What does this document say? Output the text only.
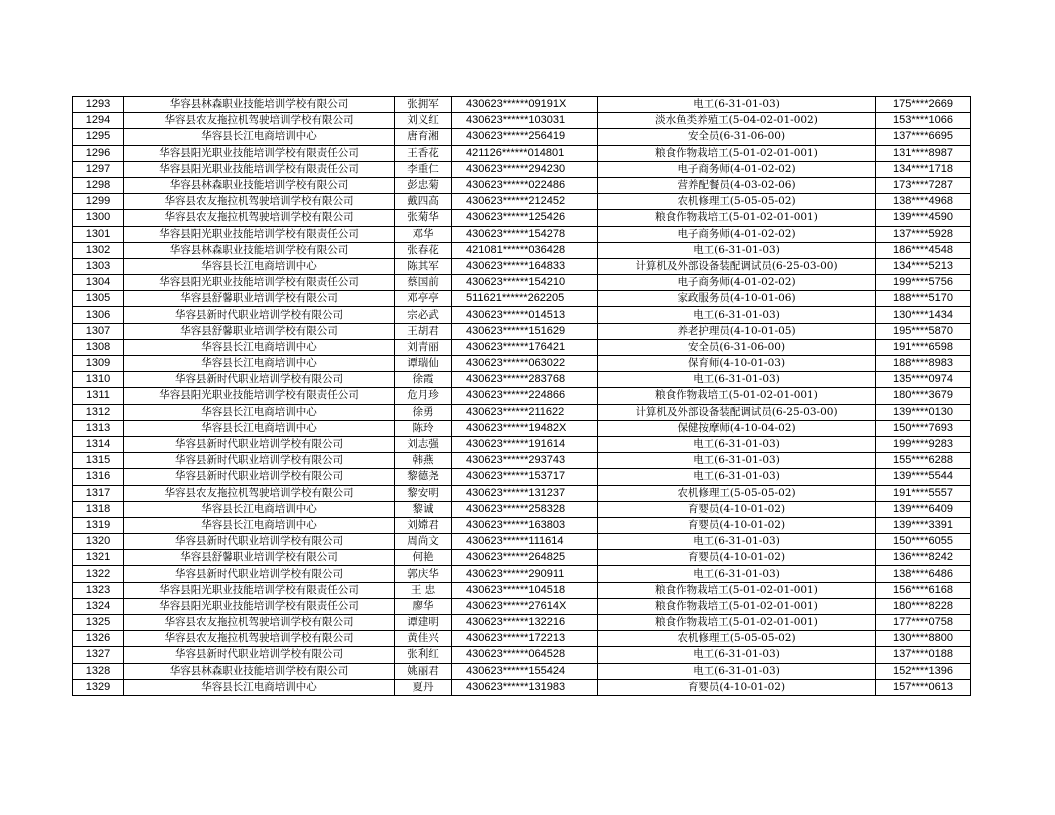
1293	华容县林森职业技能培训学校有限公司	张拥军	430623******09191X	电工(6-31-01-03)	175****2669
1294	华容县农友拖拉机驾驶培训学校有限公司	刘义红	430623******103031	淡水鱼类养殖工(5-04-02-01-002)	153****1066
1295	华容县长江电商培训中心	唐育湘	430623******256419	安全员(6-31-06-00)	137****6695
1296	华容县阳光职业技能培训学校有限责任公司	王香花	421126******014801	粮食作物栽培工(5-01-02-01-001)	131****8987
1297	华容县阳光职业技能培训学校有限责任公司	李重仁	430623******294230	电子商务师(4-01-02-02)	134****1718
1298	华容县林森职业技能培训学校有限公司	彭忠菊	430623******022486	营养配餐员(4-03-02-06)	173****7287
1299	华容县农友拖拉机驾驶培训学校有限公司	戴四高	430623******212452	农机修理工(5-05-05-02)	138****4968
1300	华容县农友拖拉机驾驶培训学校有限公司	张菊华	430623******125426	粮食作物栽培工(5-01-02-01-001)	139****4590
1301	华容县阳光职业技能培训学校有限责任公司	邓华	430623******154278	电子商务师(4-01-02-02)	137****5928
1302	华容县林森职业技能培训学校有限公司	张春花	421081******036428	电工(6-31-01-03)	186****4548
1303	华容县长江电商培训中心	陈其军	430623******164833	计算机及外部设备装配调试员(6-25-03-00)	134****5213
1304	华容县阳光职业技能培训学校有限责任公司	蔡国前	430623******154210	电子商务师(4-01-02-02)	199****5756
1305	华容县舒馨职业培训学校有限公司	邓亭亭	511621******262205	家政服务员(4-10-01-06)	188****5170
1306	华容县新时代职业培训学校有限公司	宗必武	430623******014513	电工(6-31-01-03)	130****1434
1307	华容县舒馨职业培训学校有限公司	王胡君	430623******151629	养老护理员(4-10-01-05)	195****5870
1308	华容县长江电商培训中心	刘青丽	430623******176421	安全员(6-31-06-00)	191****6598
1309	华容县长江电商培训中心	谭瑞仙	430623******063022	保育师(4-10-01-03)	188****8983
1310	华容县新时代职业培训学校有限公司	徐霞	430623******283768	电工(6-31-01-03)	135****0974
1311	华容县阳光职业技能培训学校有限责任公司	危月珍	430623******224866	粮食作物栽培工(5-01-02-01-001)	180****3679
1312	华容县长江电商培训中心	徐勇	430623******211622	计算机及外部设备装配调试员(6-25-03-00)	139****0130
1313	华容县长江电商培训中心	陈玲	430623******19482X	保健按摩师(4-10-04-02)	150****7693
1314	华容县新时代职业培训学校有限公司	刘志强	430623******191614	电工(6-31-01-03)	199****9283
1315	华容县新时代职业培训学校有限公司	韩燕	430623******293743	电工(6-31-01-03)	155****6288
1316	华容县新时代职业培训学校有限公司	黎德尧	430623******153717	电工(6-31-01-03)	139****5544
1317	华容县农友拖拉机驾驶培训学校有限公司	黎安明	430623******131237	农机修理工(5-05-05-02)	191****5557
1318	华容县长江电商培训中心	黎诚	430623******258328	育婴员(4-10-01-02)	139****6409
1319	华容县长江电商培训中心	刘嫦君	430623******163803	育婴员(4-10-01-02)	139****3391
1320	华容县新时代职业培训学校有限公司	周尚文	430623******111614	电工(6-31-01-03)	150****6055
1321	华容县舒馨职业培训学校有限公司	何艳	430623******264825	育婴员(4-10-01-02)	136****8242
1322	华容县新时代职业培训学校有限公司	郭庆华	430623******290911	电工(6-31-01-03)	138****6486
1323	华容县阳光职业技能培训学校有限责任公司	王 忠	430623******104518	粮食作物栽培工(5-01-02-01-001)	156****6168
1324	华容县阳光职业技能培训学校有限责任公司	廖华	430623******27614X	粮食作物栽培工(5-01-02-01-001)	180****8228
1325	华容县农友拖拉机驾驶培训学校有限公司	谭建明	430623******132216	粮食作物栽培工(5-01-02-01-001)	177****0758
1326	华容县农友拖拉机驾驶培训学校有限公司	黄佳兴	430623******172213	农机修理工(5-05-05-02)	130****8800
1327	华容县新时代职业培训学校有限公司	张利红	430623******064528	电工(6-31-01-03)	137****0188
1328	华容县林森职业技能培训学校有限公司	姚丽君	430623******155424	电工(6-31-01-03)	152****1396
1329	华容县长江电商培训中心	夏丹	430623******131983	育婴员(4-10-01-02)	157****0613
